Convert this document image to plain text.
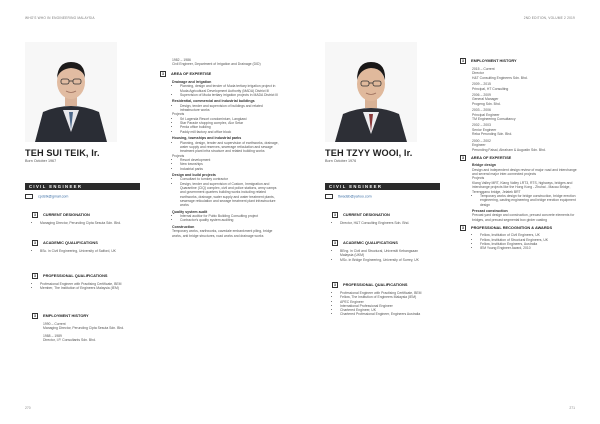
WHO'S WHO IN ENGINEERING MALAYSIA
TEH SUI TEIK, Ir.
Born October 1967
CIVIL ENGINEER
cpdstk@gmail.com
3	CURRENT DESIGNATION
• Managing Director, Perunding Cipta Sesuta Sdn. Bhd.
3	ACADEMIC QUALIFICATIONS
• BSc. in Civil Engineering, University of Salford, UK
3	PROFESSIONAL QUALIFICATIONS
• Professional Engineer with Practising Certificate, BEM
• Member, The Institution of Engineers Malaysia (IEM)
3	EMPLOYMENT HISTORY
1990 – Current
Managing Director, Perunding Cipta Sesuta Sdn. Bhd.
1988 – 1989
Director, I.P. Consultants Sdn. Bhd.
1982 – 1986
Civil Engineer, Department of Irrigation and Drainage (DID)
3	AREA OF EXPERTISE
Drainage and Irrigation
• Planning, design and tender of Muda tertiary irrigation project in Muda Agricultural Development Authority (MADA) District III
• Supervision of Muda tertiary irrigation projects in MADA District III
Residential, commercial and industrial buildings
• Design, tender and supervision of buildings and related infrastructure works
Projects
• Sri Lagenda Resort condominium, Langkawi
• Star Parade shopping complex, Alor Setar
• Perda office building
• Paddy mill factory and office block
Housing, townships and industrial parks
• Planning, design, tender and supervision of earthworks, drainage, water supply and reserves, sewerage reticulation and sewage treatment plant infra structure and related building works
Projects
• Resort development
• New townships
• Industrial parks
Design and build projects
• Consultant to turnkey contractor
• Design, tender and supervision of Custom, Immigration and Quarantine (CIQ) complex, civil and police stations, army camps and government quarters building works including related earthworks, drainage, water supply and water treatment plants, sewerage reticulation and sewage treatment plant infrastructure works
Quality system audit
• Internal auditor for Pubic Building Consulting project
• Contractor's quality system auditing
Construction
Temporary works, earthworks, cavedale embankment piling, bridge works, anti bridge structures, road works and drainage works
270
2ND EDITION, VOLUME 2 2019
TEH TZYY WOOI, Ir.
Born October 1976
CIVIL ENGINEER
ttwadsb@yahoo.com
3	CURRENT DESIGNATION
• Director, H&T Consulting Engineers Sdn. Bhd.
3	ACADEMIC QUALIFICATIONS
• BEng. in Civil and Structural, Universiti Kebangsaan Malaysia (UKM)
• MSc. in Bridge Engineering, University of Surrey, UK
3	PROFESSIONAL QUALIFICATIONS
• Professional Engineer with Practising Certificate, BEM
• Fellow, The Institution of Engineers Malaysia (IEM)
• APEC Engineer
• International Professional Engineer
• Chartered Engineer, UK
• Chartered Professional Engineer, Engineers Australia
3	EMPLOYMENT HISTORY
2015 – Current
Director
H&T Consulting Engineers Sdn. Bhd.
2009 – 2015
Principal, HT Consulting
2006 – 2009
General Manager
Progeng Sdn. Bhd.
2003 – 2006
Principal Engineer
TM Engineering Consultancy
2002 – 2003
Senior Engineer
Reka Perunding Sdn. Bhd.
2000 – 2002
Engineer
Perunding Faisal, Abraham & Augustin Sdn. Bhd.
3	AREA OF EXPERTISE
Bridge design
Design and independent design review of major road and interchange and several major inter-connected projects
Projects
Klang Valley MRT, Klang Valley LRT3, RTS, highways, bridges and interchange projects like the Hong Kong - Zhuhai - Macau Bridge, Terengganu bridge, Jelatek BRT
• Temporary works design for bridge construction, bridge erection engineering, casting engineering and bridge erection equipment design
Precast construction
Precast yard design and construction, precast concrete elements for bridges, and precast segmental box girder casting
3	PROFESSIONAL RECOGNITION & AWARDS
• Fellow, Institution of Civil Engineers, UK
• Fellow, Institution of Structural Engineers, UK
• Fellow, Institution Engineers, Australia
• IEM Young Engineer Award, 2010
271
